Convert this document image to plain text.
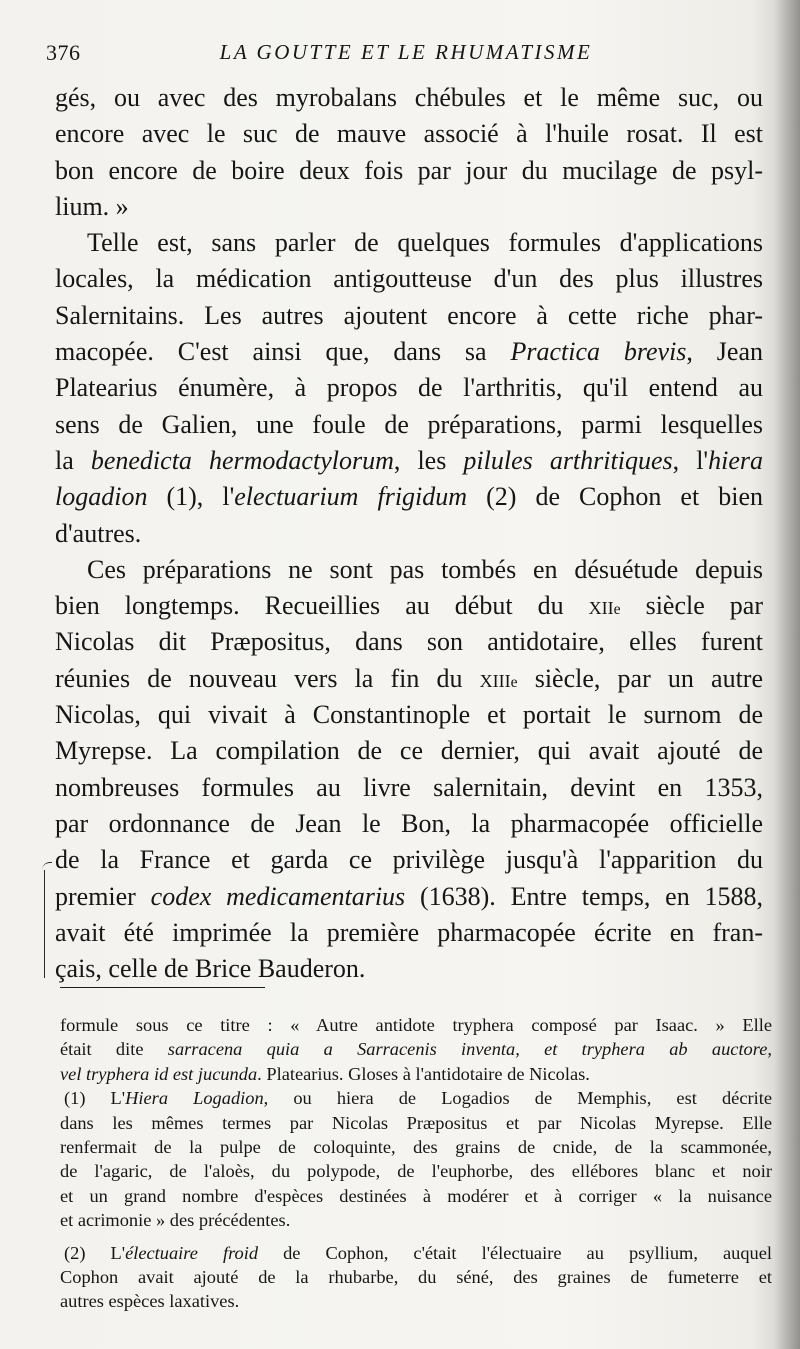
376	LA GOUTTE ET LE RHUMATISME
gés, ou avec des myrobalans chébules et le même suc, ou
encore avec le suc de mauve associé à l'huile rosat. Il est
bon encore de boire deux fois par jour du mucilage de psyl-
lium. »
Telle est, sans parler de quelques formules d'applications
locales, la médication antigoutteuse d'un des plus illustres
Salernitains. Les autres ajoutent encore à cette riche phar-
macopée. C'est ainsi que, dans sa Practica brevis, Jean
Platearius énumère, à propos de l'arthritis, qu'il entend au
sens de Galien, une foule de préparations, parmi lesquelles
la benedicta hermodactylorum, les pilules arthritiques, l'hiera
logadion (1), l'electuarium frigidum (2) de Cophon et bien
d'autres.
Ces préparations ne sont pas tombés en désuétude depuis
bien longtemps. Recueillies au début du xii$^e$ siècle par
Nicolas dit Præpositus, dans son antidotaire, elles furent
réunies de nouveau vers la fin du xiii$^e$ siècle, par un autre
Nicolas, qui vivait à Constantinople et portait le surnom de
Myrepse. La compilation de ce dernier, qui avait ajouté de
nombreuses formules au livre salernitain, devint en 1353,
par ordonnance de Jean le Bon, la pharmacopée officielle
de la France et garda ce privilège jusqu'à l'apparition du
premier codex medicamentarius (1638). Entre temps, en 1588,
avait été imprimée la première pharmacopée écrite en fran-
çais, celle de Brice Bauderon.
formule sous ce titre : « Autre antidote tryphera composé par Isaac. » Elle
était dite sarracena quia a Sarracenis inventa, et tryphera ab auctore,
vel tryphera id est jucunda. Platearius. Gloses à l'antidotaire de Nicolas.
(1) L'Hiera Logadion, ou hiera de Logadios de Memphis, est décrite
dans les mêmes termes par Nicolas Præpositus et par Nicolas Myrepse. Elle
renfermait de la pulpe de coloquinte, des grains de cnide, de la scammonée,
de l'agaric, de l'aloès, du polypode, de l'euphorbe, des ellébores blanc et noir
et un grand nombre d'espèces destinées à modérer et à corriger « la nuisance
et acrimonie » des précédentes.
(2) L'électuaire froid de Cophon, c'était l'électuaire au psyllium, auquel
Cophon avait ajouté de la rhubarbe, du séné, des graines de fumeterre et
autres espèces laxatives.
